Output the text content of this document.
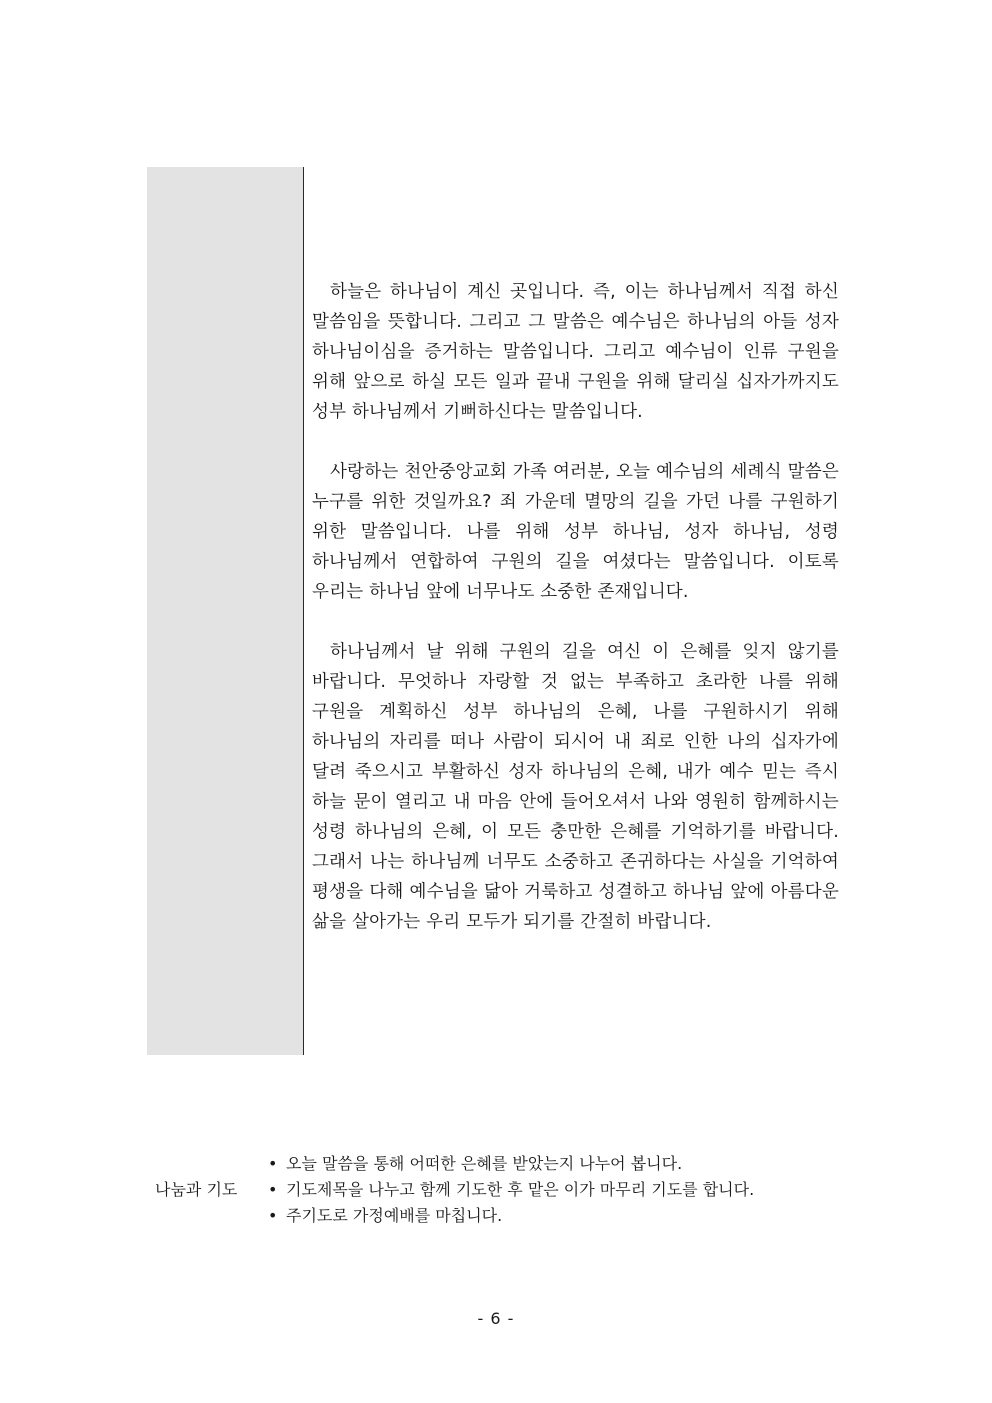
하늘은 하나님이 계신 곳입니다. 즉, 이는 하나님께서 직접 하신 말씀임을 뜻합니다. 그리고 그 말씀은 예수님은 하나님의 아들 성자 하나님이심을 증거하는 말씀입니다. 그리고 예수님이 인류 구원을 위해 앞으로 하실 모든 일과 끝내 구원을 위해 달리실 십자가까지도 성부 하나님께서 기뻐하신다는 말씀입니다.

사랑하는 천안중앙교회 가족 여러분, 오늘 예수님의 세례식 말씀은 누구를 위한 것일까요? 죄 가운데 멸망의 길을 가던 나를 구원하기 위한 말씀입니다. 나를 위해 성부 하나님, 성자 하나님, 성령 하나님께서 연합하여 구원의 길을 여셨다는 말씀입니다. 이토록 우리는 하나님 앞에 너무나도 소중한 존재입니다.

하나님께서 날 위해 구원의 길을 여신 이 은혜를 잊지 않기를 바랍니다. 무엇하나 자랑할 것 없는 부족하고 초라한 나를 위해 구원을 계획하신 성부 하나님의 은혜, 나를 구원하시기 위해 하나님의 자리를 떠나 사람이 되시어 내 죄로 인한 나의 십자가에 달려 죽으시고 부활하신 성자 하나님의 은혜, 내가 예수 믿는 즉시 하늘 문이 열리고 내 마음 안에 들어오셔서 나와 영원히 함께하시는 성령 하나님의 은혜, 이 모든 충만한 은혜를 기억하기를 바랍니다. 그래서 나는 하나님께 너무도 소중하고 존귀하다는 사실을 기억하여 평생을 다해 예수님을 닮아 거룩하고 성결하고 하나님 앞에 아름다운 삶을 살아가는 우리 모두가 되기를 간절히 바랍니다.

나눔과 기도
• 오늘 말씀을 통해 어떠한 은혜를 받았는지 나누어 봅니다.
• 기도제목을 나누고 함께 기도한 후 맡은 이가 마무리 기도를 합니다.
• 주기도로 가정예배를 마칩니다.
- 6 -
